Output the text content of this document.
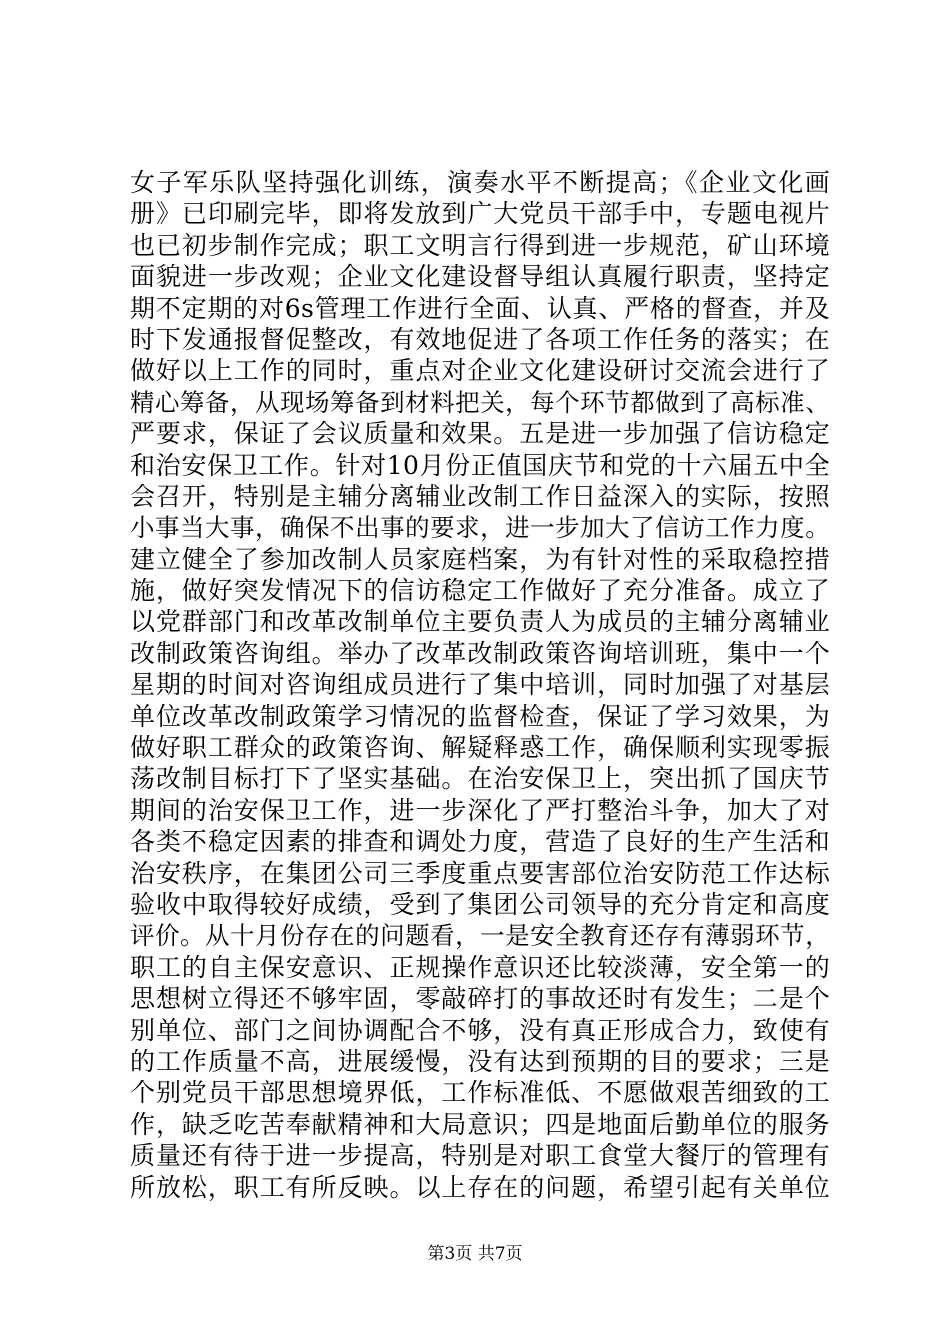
女子军乐队坚持强化训练，演奏水平不断提高；《企业文化画
册》已印刷完毕，即将发放到广大党员干部手中，专题电视片
也已初步制作完成；职工文明言行得到进一步规范，矿山环境
面貌进一步改观；企业文化建设督导组认真履行职责，坚持定
期不定期的对6s管理工作进行全面、认真、严格的督查，并及
时下发通报督促整改，有效地促进了各项工作任务的落实；在
做好以上工作的同时，重点对企业文化建设研讨交流会进行了
精心筹备，从现场筹备到材料把关，每个环节都做到了高标准、
严要求，保证了会议质量和效果。五是进一步加强了信访稳定
和治安保卫工作。针对10月份正值国庆节和党的十六届五中全
会召开，特别是主辅分离辅业改制工作日益深入的实际，按照
小事当大事，确保不出事的要求，进一步加大了信访工作力度。
建立健全了参加改制人员家庭档案，为有针对性的采取稳控措
施，做好突发情况下的信访稳定工作做好了充分准备。成立了
以党群部门和改革改制单位主要负责人为成员的主辅分离辅业
改制政策咨询组。举办了改革改制政策咨询培训班，集中一个
星期的时间对咨询组成员进行了集中培训，同时加强了对基层
单位改革改制政策学习情况的监督检查，保证了学习效果，为
做好职工群众的政策咨询、解疑释惑工作，确保顺利实现零振
荡改制目标打下了坚实基础。在治安保卫上，突出抓了国庆节
期间的治安保卫工作，进一步深化了严打整治斗争，加大了对
各类不稳定因素的排查和调处力度，营造了良好的生产生活和
治安秩序，在集团公司三季度重点要害部位治安防范工作达标
验收中取得较好成绩，受到了集团公司领导的充分肯定和高度
评价。从十月份存在的问题看，一是安全教育还存有薄弱环节，
职工的自主保安意识、正规操作意识还比较淡薄，安全第一的
思想树立得还不够牢固，零敲碎打的事故还时有发生；二是个
别单位、部门之间协调配合不够，没有真正形成合力，致使有
的工作质量不高，进展缓慢，没有达到预期的目的要求；三是
个别党员干部思想境界低，工作标准低、不愿做艰苦细致的工
作，缺乏吃苦奉献精神和大局意识；四是地面后勤单位的服务
质量还有待于进一步提高，特别是对职工食堂大餐厅的管理有
所放松，职工有所反映。以上存在的问题，希望引起有关单位
第3页 共7页
